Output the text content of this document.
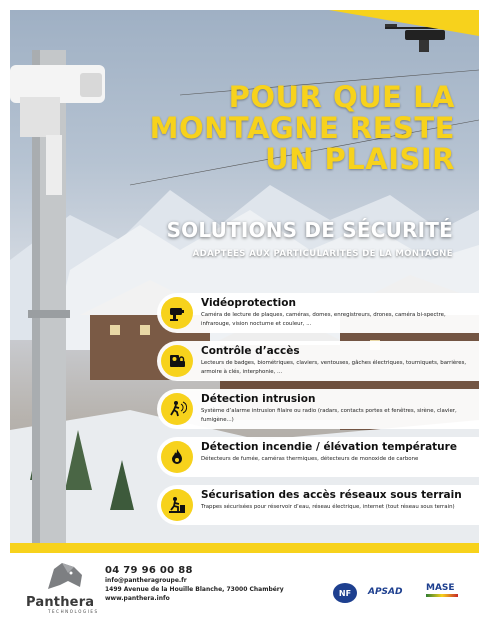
POUR QUE LA
MONTAGNE RESTE
UN PLAISIR
SOLUTIONS DE SÉCURITÉ
ADAPTEES AUX PARTICULARITES DE LA MONTAGNE
Vidéoprotection
Caméra de lecture de plaques, caméras, domes, enregistreurs, drones, caméra bi-spectre, infrarouge, vision nocturne et couleur, ...
Contrôle d’accès
Lecteurs de badges, biométriques, claviers, ventouses, gâches électriques, tourniquets, barrières, armoire à clés, interphonie, ...
Détection intrusion
Système d’alarme intrusion filaire ou radio (radars, contacts portes et fenêtres, sirène, clavier, fumigène...)
Détection incendie / élévation température
Détecteurs de fumée, caméras thermiques, détecteurs de monoxide de carbone
Sécurisation des accès réseaux sous terrain
Trappes sécurisées pour réservoir d’eau, réseau électrique, internet (tout réseau sous terrain)
Panthera
TECHNOLOGIES
04 79 96 00 88
info@pantheragroupe.fr
1499 Avenue de la Houille Blanche, 73000 Chambéry
www.panthera.info
NF APSAD	MASE
